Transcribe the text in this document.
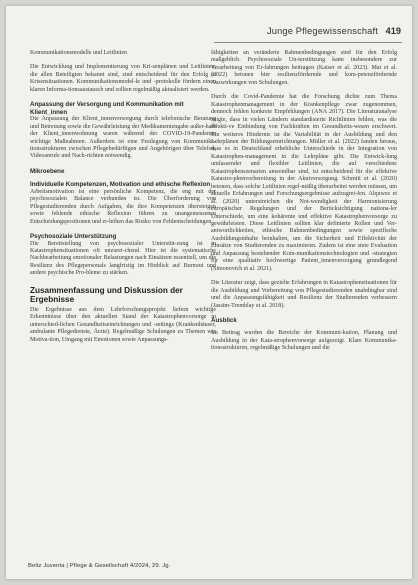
Junge Pflegewissenschaft 419

Kommunikationsmodelle und Leitlinien

Die Entwicklung und Implementierung von Kri-senplänen und Leitlinien, die allen Beteiligten bekannt sind, sind entscheidend für den Erfolg in Krisensituationen. Kommunikationsmodel-le und -protokolle fördern einen klaren Informa-tionsaustausch und sollten regelmäßig aktualisiert werden.

Anpassung der Versorgung und Kommunikation mit Klient_innen

Die Anpassung der Klient_innenversorgung durch telefonische Beratung und Betreuung sowie die Gewährleistung der Medikamentengabe außer-halb der Klient_innenwohnung waren während der COVID-19-Pandemie wichtige Maßnahmen. Außerdem ist eine Festlegung von Kommunika-tionsstrukturen zwischen Pflegebedürftigen und Angehörigen über Telefon, Videoanrufe und Nach-richten notwendig.

Mikroebene
Individuelle Kompetenzen, Motivation und ethische Reflexion

Arbeitsmotivation ist eine persönliche Kompetenz, die eng mit der psychosozialen Balance verbunden ist. Die Überforderung von Pflegestudierenden durch Aufgaben, die ihre Kompetenzen übersteigen sowie fehlende ethische Reflexion führen zu unangemessenen Entscheidungspositionen und er-höhen das Risiko von Fehlentscheidungen.

Psychosoziale Unterstützung

Die Bereitstellung von psychosozialer Unterstüt-zung ist in Katastrophensituationen oft unzurei-chend. Hier ist die systematische Nachbearbeitung emotionaler Belastungen nach Einsätzen essentiell, um die Resilienz des Pflegepersonals langfristig im Hinblick auf Burnout und andere psychische Pro-bleme zu stärken.

Zusammenfassung und Diskussion der Ergebnisse

Die Ergebnisse aus dem Lehrforschungsprojekt liefern wichtige Erkenntnisse über den aktuellen Stand der Katastrophenvorsorge in unterschied-lichen Gesundheitseinrichtungen und -settings (Krankenhäuser, ambulante Pflegedienste, Ärzte). Regelmäßige Schulungen zu Themen wie Motiva-tion, Umgang mit Emotionen sowie Anpassungs-

fähigkeiten an veränderte Rahmenbedingungen sind für den Erfolg maßgeblich. Psychosoziale Un-terstützung kann insbesondere zur Verarbeitung von Er-fahrungen beitragen (Kaiser et al. 2023). Mai et al. (2022) betonen hier resilienzfördernde und kom-petenzfördernde Auswirkungen von Schulungen.

Durch die Covid-Pandemie hat die Forschung dichte zum Thema Katastrophenmanagement in der Krankenpflege zwar zugenommen, dennoch fehlen konkrete Empfehlungen (ANA 2017). Die Literaturanalyse zeigte, dass in vielen Ländern standardisierte Richtlinien fehlen, was die effekti-ve Einbindung von Fachkräften im Gesundheits-wesen erschwert. Ein weiteres Hindernis ist die Variabilität in der Ausbildung und den Lehrplänen der Bildungseinrichtungen. Müller et al. (2022) fanden heraus, dass es in Deutschland erhebliche Unterschiede in der Integration von Katastrophen-management in die Lehrpläne gibt. Die Entwick-lung umfassender und flexibler Leitlinien, die auf verschiedene Katastrophenszenarien anwendbar sind, ist entscheidend für die effektive Katastro-phenvorbereitung in der Akutversorgung. Schmitt et al. (2020) betonen, dass solche Leitlinien regel-mäßig überarbeitet werden müssen, um aktuelle Erfahrungen und Forschungsergebnisse aufzugrei-fen. Alquwez et al. (2020) unterstreichen die Not-wendigkeit der Harmonisierung europäischer Regelungen und der Berücksichtigung nationa-ler Unterschiede, um eine kohärente und effektive Katastrophenvorsorge zu gewährleisten. Diese Leitlinien sollten klar definierte Rollen und Ver-antwortlichkeiten, ethische Rahmenbedingungen sowie spezifische Ausbildungsinhalte beinhalten, um die Sicherheit und Effektivität der Einsätze von Studierenden zu maximieren. Zudem ist eine stete Evaluation und Anpassung bestehender Kom-munikationstechnologien und -strategien für eine qualitativ hochwertige Patient_innenversorgung grundlegend (Simonovich et al. 2021).

Die Literatur zeigt, dass gezielte Erfahrungen in Katastrophensituationen für die Ausbildung und Vorbereitung von Pflegestudierenden unabdingbar sind und die Anpassungsfähigkeit und Resilienz der Studierenden verbessern (Jassim-Tremblay et al. 2018).

Ausblick

Im Beitrag wurden die Bereiche der Kommuni-kation, Planung und Ausbildung in der Kata-strophenvorsorge aufgezeigt. Klare Kommunika-tionsstrukturen, regelmäßige Schulungen und die

Beltz Juventa | Pflege & Gesellschaft 4/2024, 29. Jg.
